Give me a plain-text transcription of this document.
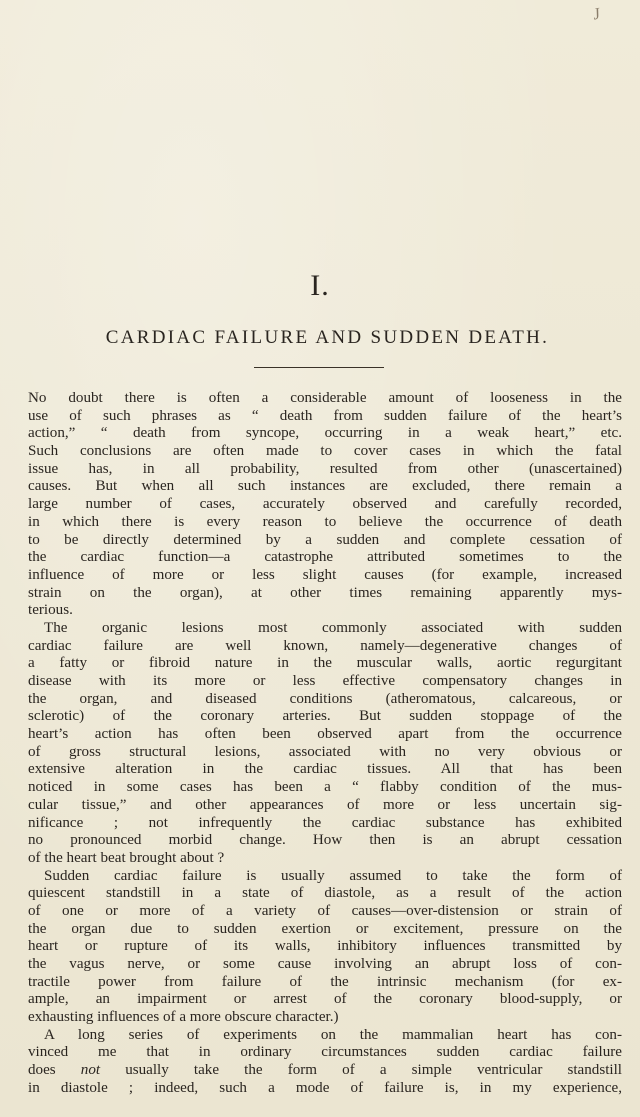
J
I.
CARDIAC FAILURE AND SUDDEN DEATH.
No doubt there is often a considerable amount of looseness in the
use of such phrases as “ death from sudden failure of the heart’s
action,” “ death from syncope, occurring in a weak heart,” etc.
Such conclusions are often made to cover cases in which the fatal
issue has, in all probability, resulted from other (unascertained)
causes. But when all such instances are excluded, there remain a
large number of cases, accurately observed and carefully recorded,
in which there is every reason to believe the occurrence of death
to be directly determined by a sudden and complete cessation of
the cardiac function—a catastrophe attributed sometimes to the
influence of more or less slight causes (for example, increased
strain on the organ), at other times remaining apparently mys-
terious.
The organic lesions most commonly associated with sudden
cardiac failure are well known, namely—degenerative changes of
a fatty or fibroid nature in the muscular walls, aortic regurgitant
disease with its more or less effective compensatory changes in
the organ, and diseased conditions (atheromatous, calcareous, or
sclerotic) of the coronary arteries. But sudden stoppage of the
heart’s action has often been observed apart from the occurrence
of gross structural lesions, associated with no very obvious or
extensive alteration in the cardiac tissues. All that has been
noticed in some cases has been a “ flabby condition of the mus-
cular tissue,” and other appearances of more or less uncertain sig-
nificance ; not infrequently the cardiac substance has exhibited
no pronounced morbid change. How then is an abrupt cessation
of the heart beat brought about ?
Sudden cardiac failure is usually assumed to take the form of
quiescent standstill in a state of diastole, as a result of the action
of one or more of a variety of causes—over-distension or strain of
the organ due to sudden exertion or excitement, pressure on the
heart or rupture of its walls, inhibitory influences transmitted by
the vagus nerve, or some cause involving an abrupt loss of con-
tractile power from failure of the intrinsic mechanism (for ex-
ample, an impairment or arrest of the coronary blood-supply, or
exhausting influences of a more obscure character.)
A long series of experiments on the mammalian heart has con-
vinced me that in ordinary circumstances sudden cardiac failure
does not usually take the form of a simple ventricular standstill
in diastole ; indeed, such a mode of failure is, in my experience,
